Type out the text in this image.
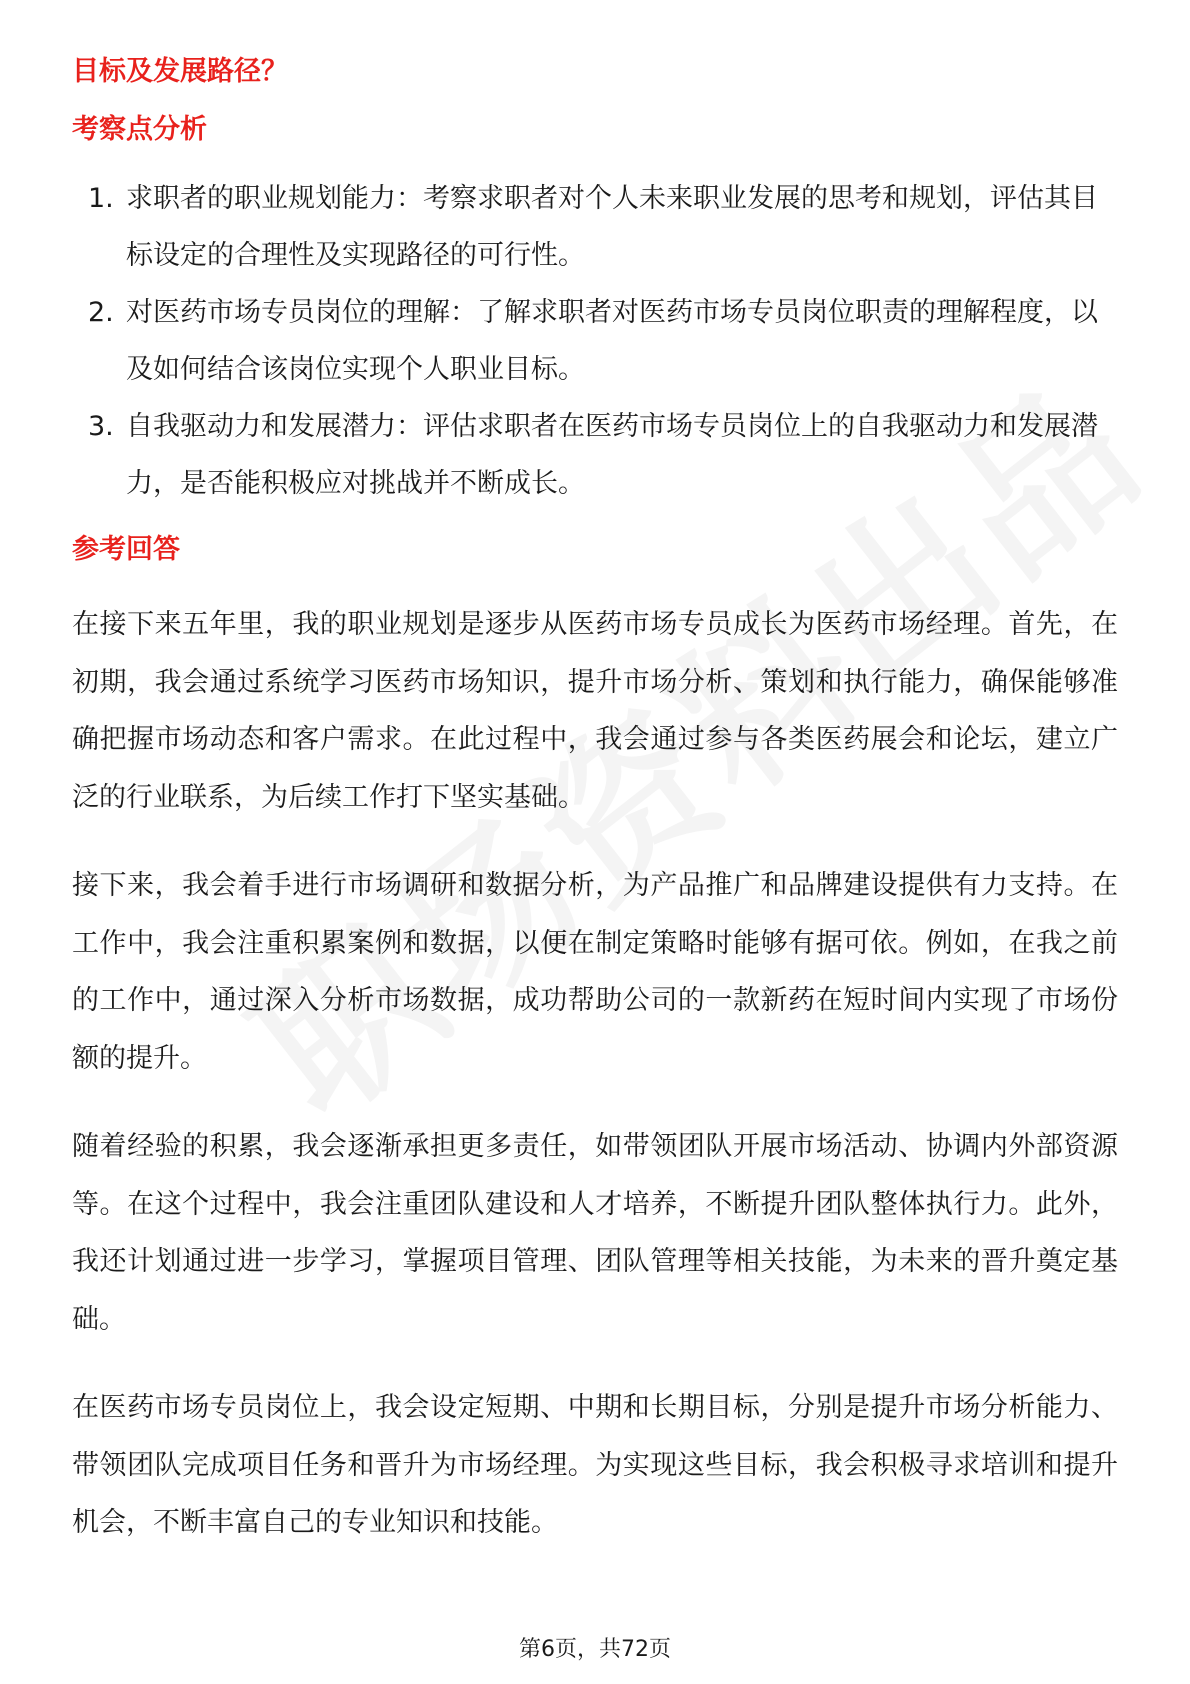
目标及发展路径？
考察点分析
1. 求职者的职业规划能力：考察求职者对个人未来职业发展的思考和规划，评估其目标设定的合理性及实现路径的可行性。
2. 对医药市场专员岗位的理解：了解求职者对医药市场专员岗位职责的理解程度，以及如何结合该岗位实现个人职业目标。
3. 自我驱动力和发展潜力：评估求职者在医药市场专员岗位上的自我驱动力和发展潜力，是否能积极应对挑战并不断成长。
参考回答

在接下来五年里，我的职业规划是逐步从医药市场专员成长为医药市场经理。首先，在初期，我会通过系统学习医药市场知识，提升市场分析、策划和执行能力，确保能够准确把握市场动态和客户需求。在此过程中，我会通过参与各类医药展会和论坛，建立广泛的行业联系，为后续工作打下坚实基础。

接下来，我会着手进行市场调研和数据分析，为产品推广和品牌建设提供有力支持。在工作中，我会注重积累案例和数据，以便在制定策略时能够有据可依。例如，在我之前的工作中，通过深入分析市场数据，成功帮助公司的一款新药在短时间内实现了市场份额的提升。

随着经验的积累，我会逐渐承担更多责任，如带领团队开展市场活动、协调内外部资源等。在这个过程中，我会注重团队建设和人才培养，不断提升团队整体执行力。此外，我还计划通过进一步学习，掌握项目管理、团队管理等相关技能，为未来的晋升奠定基础。

在医药市场专员岗位上，我会设定短期、中期和长期目标，分别是提升市场分析能力、带领团队完成项目任务和晋升为市场经理。为实现这些目标，我会积极寻求培训和提升机会，不断丰富自己的专业知识和技能。

第6页，共72页
